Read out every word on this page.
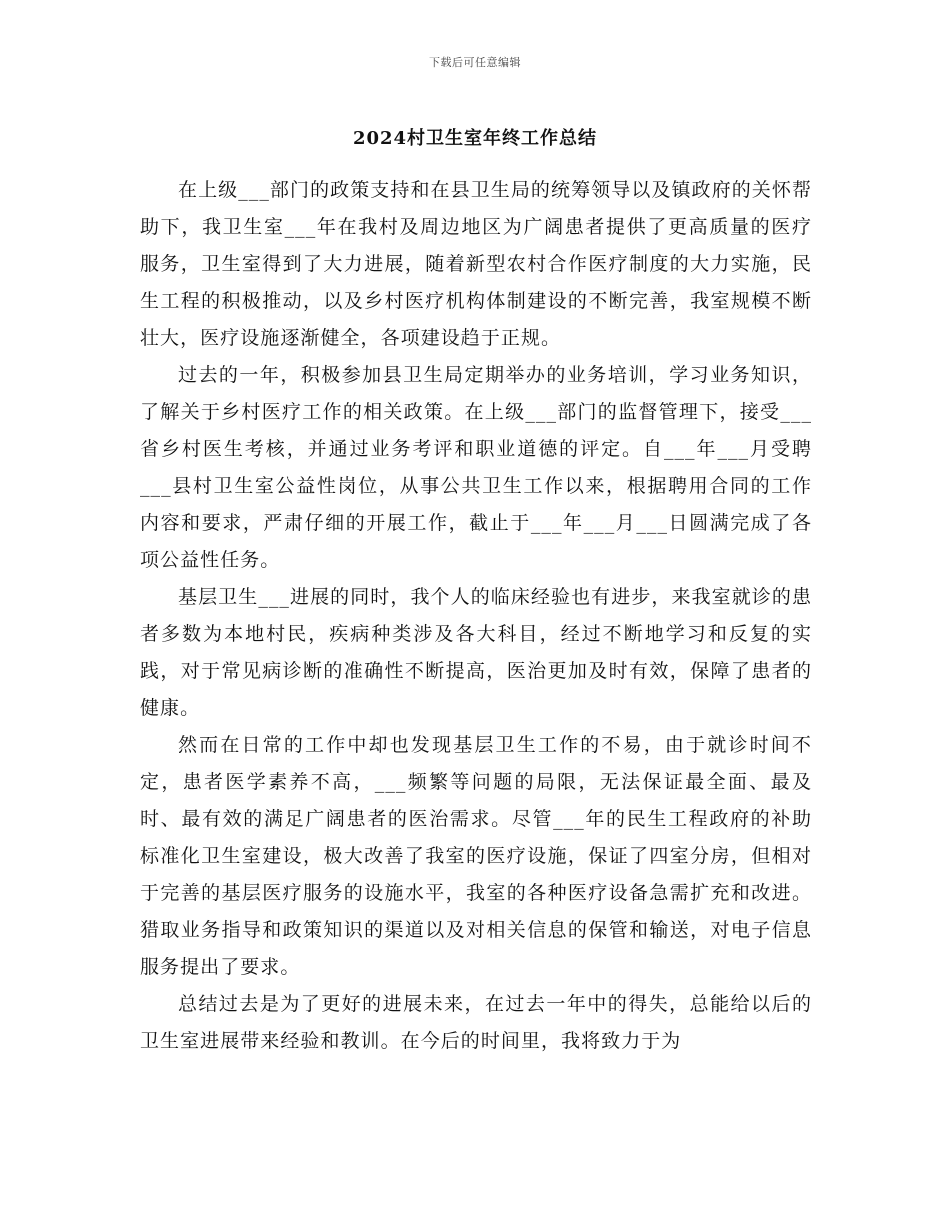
下载后可任意编辑
2024村卫生室年终工作总结

在上级___部门的政策支持和在县卫生局的统筹领导以及镇政府的关怀帮助下，我卫生室___年在我村及周边地区为广阔患者提供了更高质量的医疗服务，卫生室得到了大力进展，随着新型农村合作医疗制度的大力实施，民生工程的积极推动，以及乡村医疗机构体制建设的不断完善，我室规模不断壮大，医疗设施逐渐健全，各项建设趋于正规。

过去的一年，积极参加县卫生局定期举办的业务培训，学习业务知识，了解关于乡村医疗工作的相关政策。在上级___部门的监督管理下，接受___省乡村医生考核，并通过业务考评和职业道德的评定。自___年___月受聘___县村卫生室公益性岗位，从事公共卫生工作以来，根据聘用合同的工作内容和要求，严肃仔细的开展工作，截止于___年___月___日圆满完成了各项公益性任务。

基层卫生___进展的同时，我个人的临床经验也有进步，来我室就诊的患者多数为本地村民，疾病种类涉及各大科目，经过不断地学习和反复的实践，对于常见病诊断的准确性不断提高，医治更加及时有效，保障了患者的健康。

然而在日常的工作中却也发现基层卫生工作的不易，由于就诊时间不定，患者医学素养不高，___频繁等问题的局限，无法保证最全面、最及时、最有效的满足广阔患者的医治需求。尽管___年的民生工程政府的补助标准化卫生室建设，极大改善了我室的医疗设施，保证了四室分房，但相对于完善的基层医疗服务的设施水平，我室的各种医疗设备急需扩充和改进。猎取业务指导和政策知识的渠道以及对相关信息的保管和输送，对电子信息服务提出了要求。

总结过去是为了更好的进展未来，在过去一年中的得失，总能给以后的卫生室进展带来经验和教训。在今后的时间里，我将致力于为
